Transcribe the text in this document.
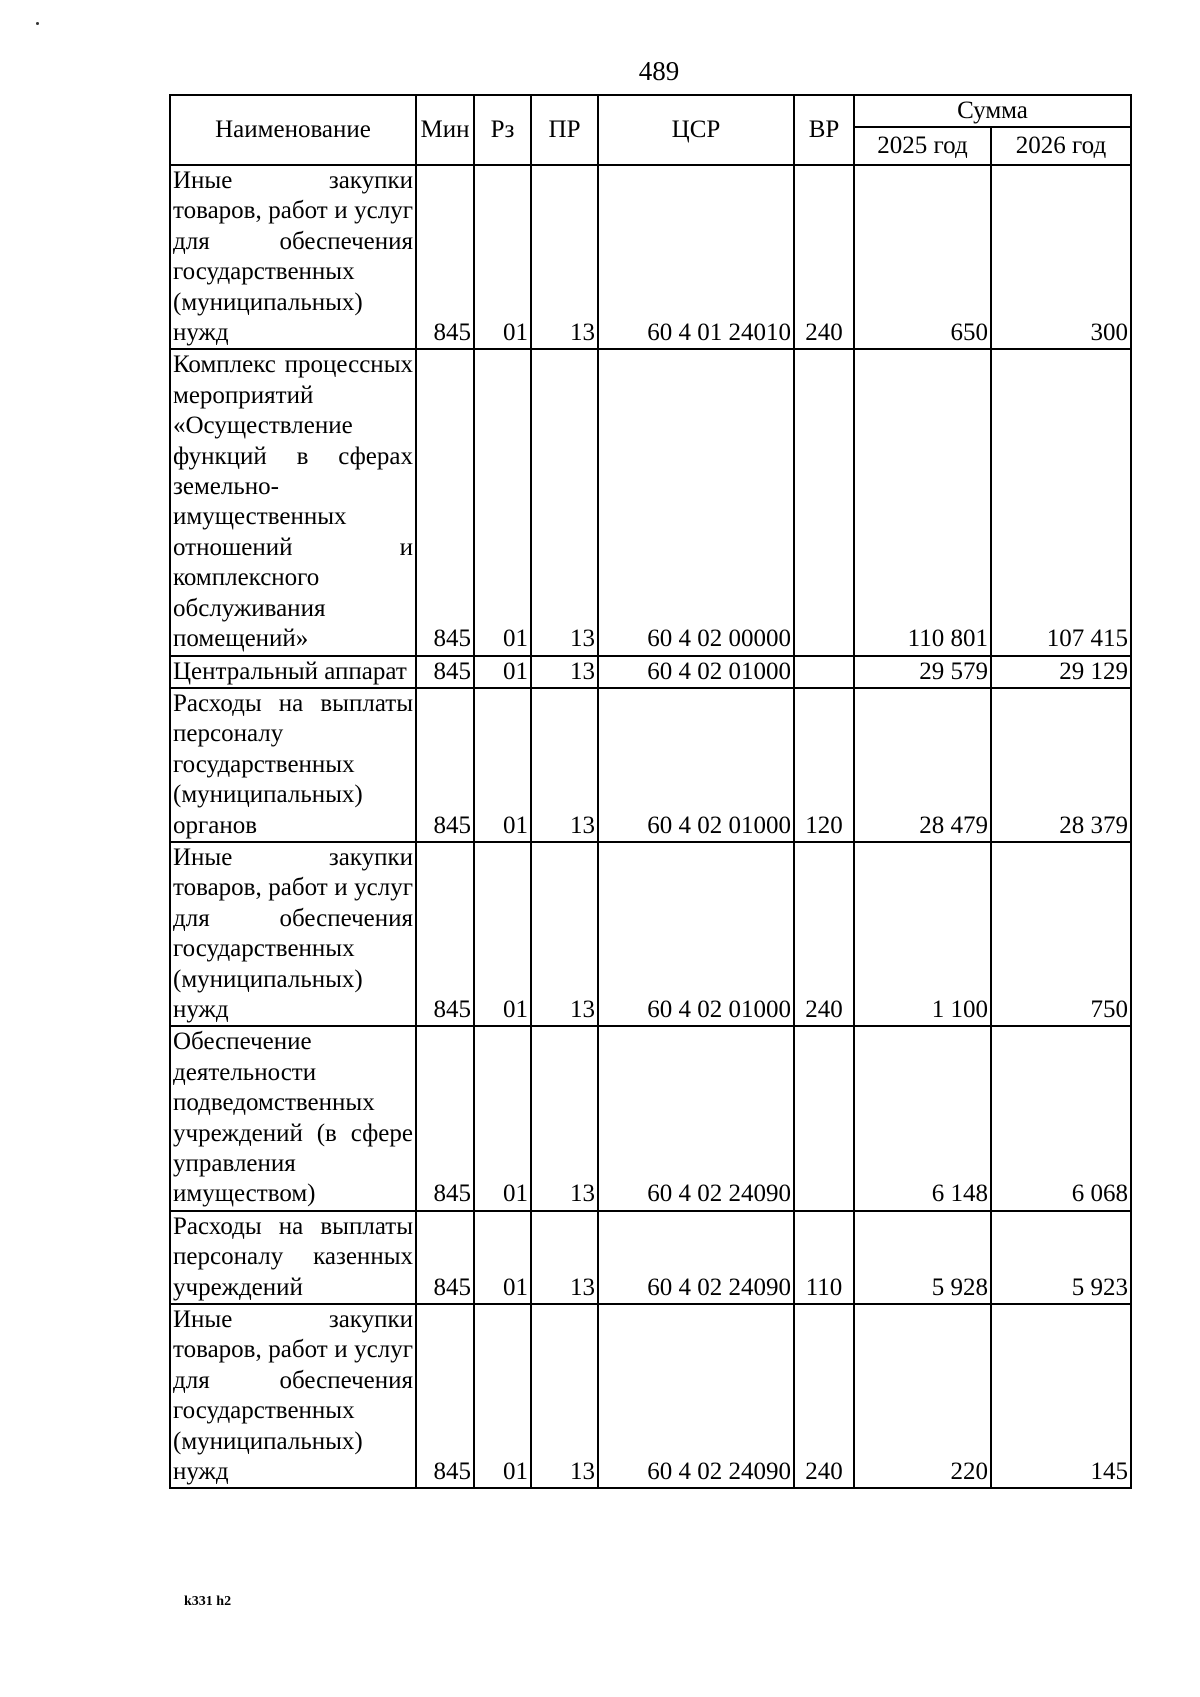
489
Наименование	Мин	Рз	ПР	ЦСР	ВР	Сумма	
						2025 год	2026 год
Иные закупки товаров, работ и услуг для обеспечения государственных (муниципальных) нужд	845	01	13	60 4 01 24010	240	650	300
Комплекс процессных мероприятий «Осуществление функций в сферах земельно-имущественных отношений и комплексного обслуживания помещений»	845	01	13	60 4 02 00000		110 801	107 415
Центральный аппарат	845	01	13	60 4 02 01000		29 579	29 129
Расходы на выплаты персоналу государственных (муниципальных) органов	845	01	13	60 4 02 01000	120	28 479	28 379
Иные закупки товаров, работ и услуг для обеспечения государственных (муниципальных) нужд	845	01	13	60 4 02 01000	240	1 100	750
Обеспечение деятельности подведомственных учреждений (в сфере управления имуществом)	845	01	13	60 4 02 24090		6 148	6 068
Расходы на выплаты персоналу казенных учреждений	845	01	13	60 4 02 24090	110	5 928	5 923
Иные закупки товаров, работ и услуг для обеспечения государственных (муниципальных) нужд	845	01	13	60 4 02 24090	240	220	145
k331 h2
